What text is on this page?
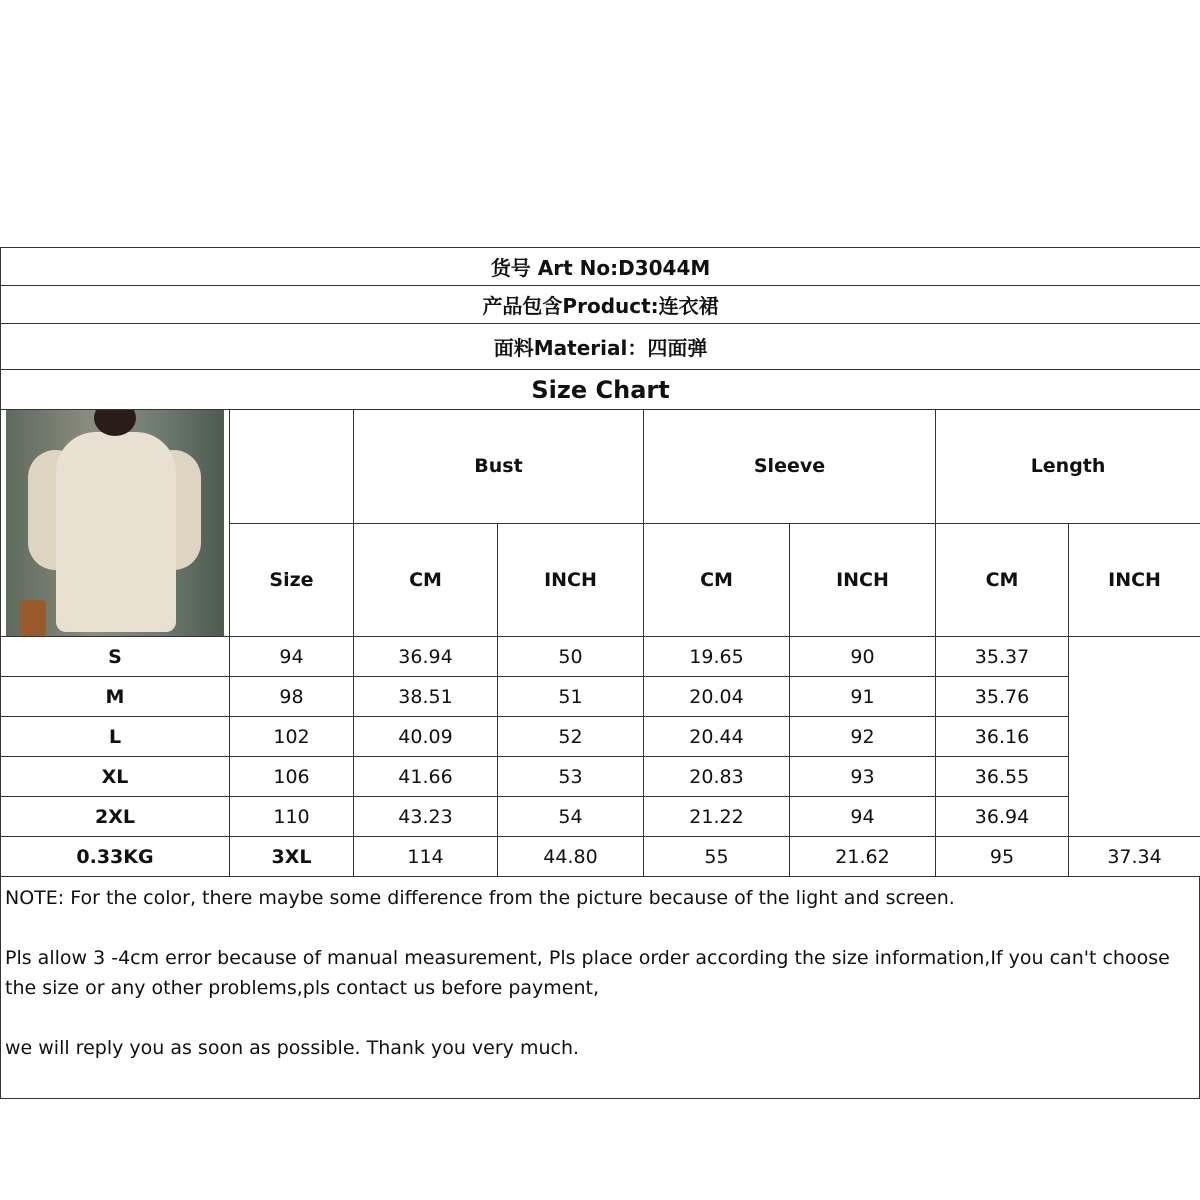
货号 Art No:D3044M							
产品包含Product:连衣裙							
面料Material：四面弹							
Size Chart							

		Bust		Sleeve		Length	
	Size	CM	INCH	CM	INCH	CM	INCH
S	94	36.94	50	19.65	90	35.37	
M	98	38.51	51	20.04	91	35.76	
L	102	40.09	52	20.44	92	36.16	
XL	106	41.66	53	20.83	93	36.55	
2XL	110	43.23	54	21.22	94	36.94	
0.33KG	3XL	114	44.80	55	21.62	95	37.34

NOTE: For the color, there maybe some difference from the picture because of the light and screen.

Pls allow 3 -4cm error because of manual measurement, Pls place order according the size information,If you can't choose the size or any other problems,pls contact us before payment,

we will reply you as soon as possible. Thank you very much.
